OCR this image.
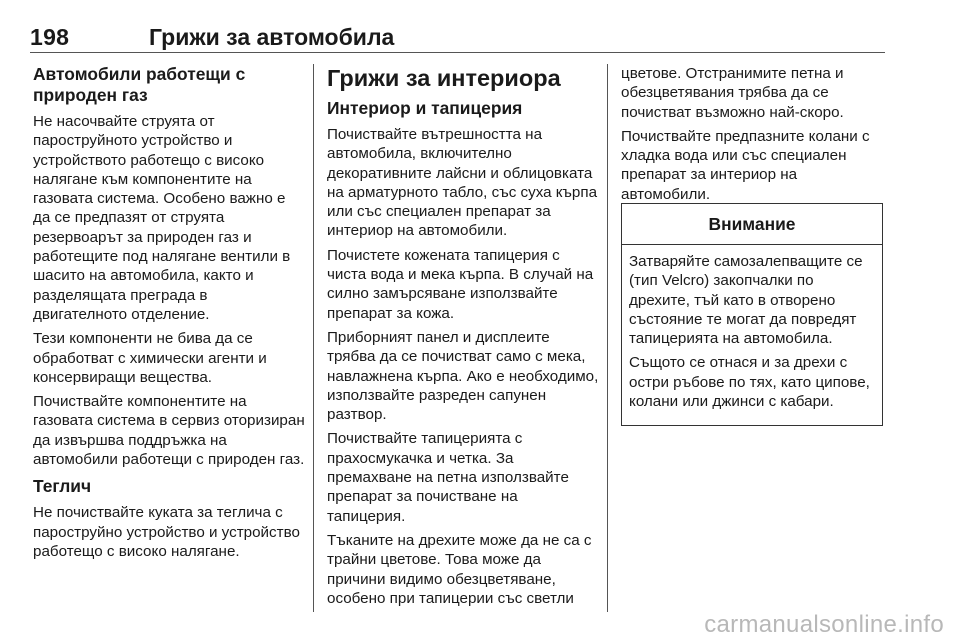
198	Грижи за автомобила
Автомобили работещи с природен газ

Не насочвайте струята от пароструйното устройство и устройството работещо с високо налягане към компонентите на газовата система. Особено важно е да се предпазят от струята резервоарът за природен газ и работещите под налягане вентили в шасито на автомобила, както и разделящата преграда в двигателното отделение.

Тези компоненти не бива да се обработват с химически агенти и консервиращи вещества.

Почиствайте компонентите на газовата система в сервиз оторизиран да извършва поддръжка на автомобили работещи с природен газ.

Теглич

Не почиствайте куката за теглича с пароструйно устройство и устройство работещо с високо налягане.

Грижи за интериора
Интериор и тапицерия

Почиствайте вътрешността на автомобила, включително декоративните лайсни и облицовката на арматурното табло, със суха кърпа или със специален препарат за интериор на автомобили.

Почистете кожената тапицерия с чиста вода и мека кърпа. В случай на силно замърсяване използвайте препарат за кожа.

Приборният панел и дисплеите трябва да се почистват само с мека, навлажнена кърпа. Ако е необходимо, използвайте разреден сапунен разтвор.

Почиствайте тапицерията с прахосмукачка и четка. За премахване на петна използвайте препарат за почистване на тапицерия.

Тъканите на дрехите може да не са с трайни цветове. Това може да причини видимо обезцветяване, особено при тапицерии със светли

цветове. Отстранимите петна и обезцветявания трябва да се почистват възможно най-скоро.

Почиствайте предпазните колани с хладка вода или със специален препарат за интериор на автомобили.

Внимание

Затваряйте самозалепващите се (тип Velcro) закопчалки по дрехите, тъй като в отворено състояние те могат да повредят тапицерията на автомобила.

Същото се отнася и за дрехи с остри ръбове по тях, като ципове, колани или джинси с кабари.

carmanualsonline.info
